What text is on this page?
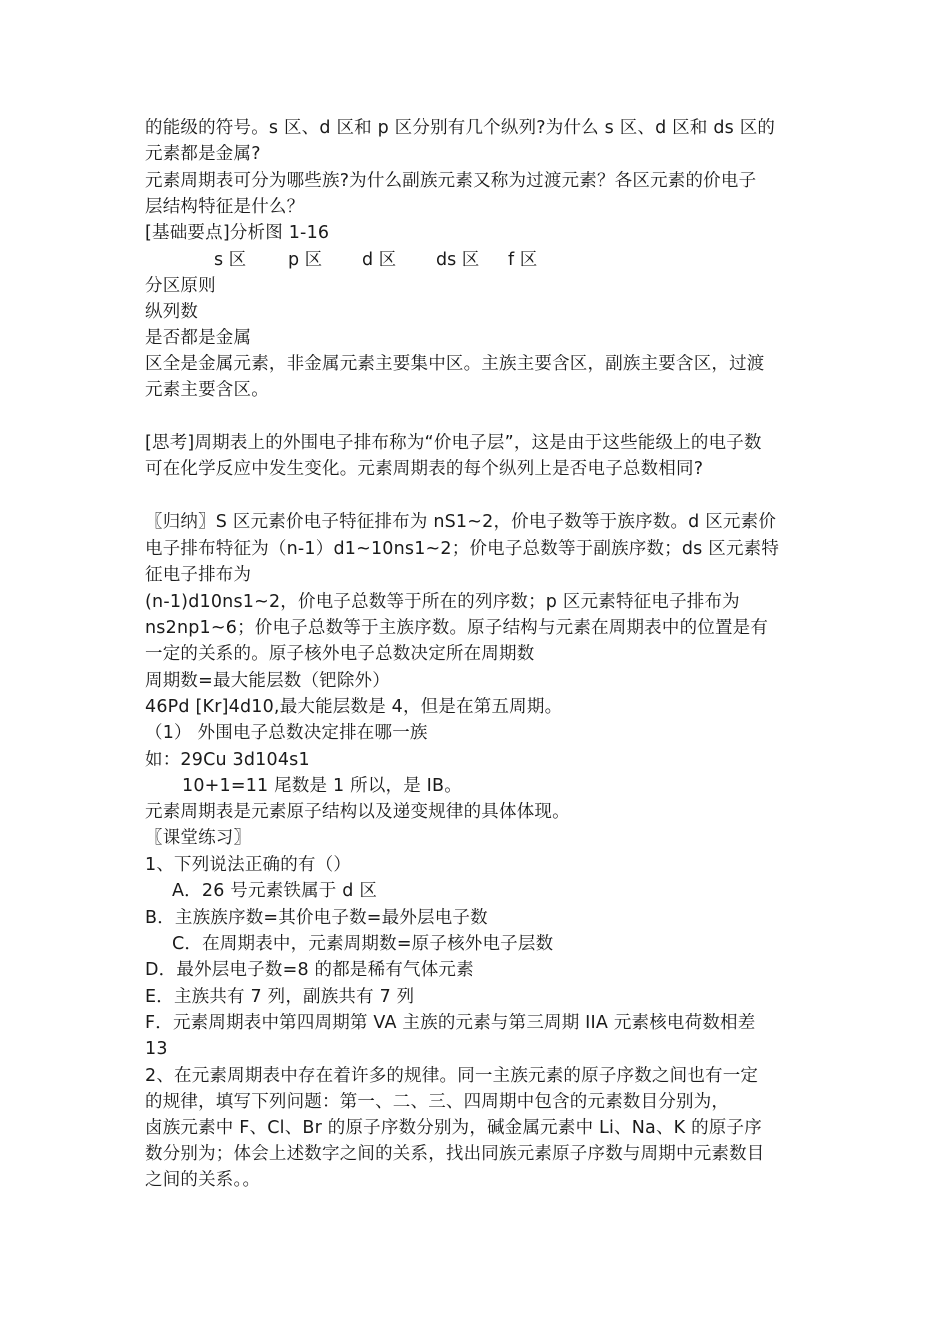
的能级的符号。s 区、d 区和 p 区分别有几个纵列?为什么 s 区、d 区和 ds 区的
元素都是金属?
元素周期表可分为哪些族?为什么副族元素又称为过渡元素？各区元素的价电子
层结构特征是什么？
[基础要点]分析图 1-16
s 区 p 区 d 区 ds 区 f 区
分区原则
纵列数
是否都是金属
区全是金属元素，非金属元素主要集中区。主族主要含区，副族主要含区，过渡
元素主要含区。
[思考]周期表上的外围电子排布称为“价电子层”，这是由于这些能级上的电子数
可在化学反应中发生变化。元素周期表的每个纵列上是否电子总数相同?
〖归纳〗S 区元素价电子特征排布为 nS1~2，价电子数等于族序数。d 区元素价
电子排布特征为（n-1）d1~10ns1~2；价电子总数等于副族序数；ds 区元素特
征电子排布为
(n-1)d10ns1~2，价电子总数等于所在的列序数；p 区元素特征电子排布为
ns2np1~6；价电子总数等于主族序数。原子结构与元素在周期表中的位置是有
一定的关系的。原子核外电子总数决定所在周期数
周期数=最大能层数（钯除外）
46Pd [Kr]4d10,最大能层数是 4，但是在第五周期。
（1） 外围电子总数决定排在哪一族
如：29Cu 3d104s1
10+1=11 尾数是 1 所以，是 IB。
元素周期表是元素原子结构以及递变规律的具体体现。
〖课堂练习〗
1、下列说法正确的有（）
A．26 号元素铁属于 d 区
B．主族族序数=其价电子数=最外层电子数
C．在周期表中，元素周期数=原子核外电子层数
D．最外层电子数=8 的都是稀有气体元素
E．主族共有 7 列，副族共有 7 列
F．元素周期表中第四周期第 VA 主族的元素与第三周期 IIA 元素核电荷数相差
13
2、在元素周期表中存在着许多的规律。同一主族元素的原子序数之间也有一定
的规律，填写下列问题：第一、二、三、四周期中包含的元素数目分别为，
卤族元素中 F、Cl、Br 的原子序数分别为，碱金属元素中 Li、Na、K 的原子序
数分别为；体会上述数字之间的关系，找出同族元素原子序数与周期中元素数目
之间的关系。。
